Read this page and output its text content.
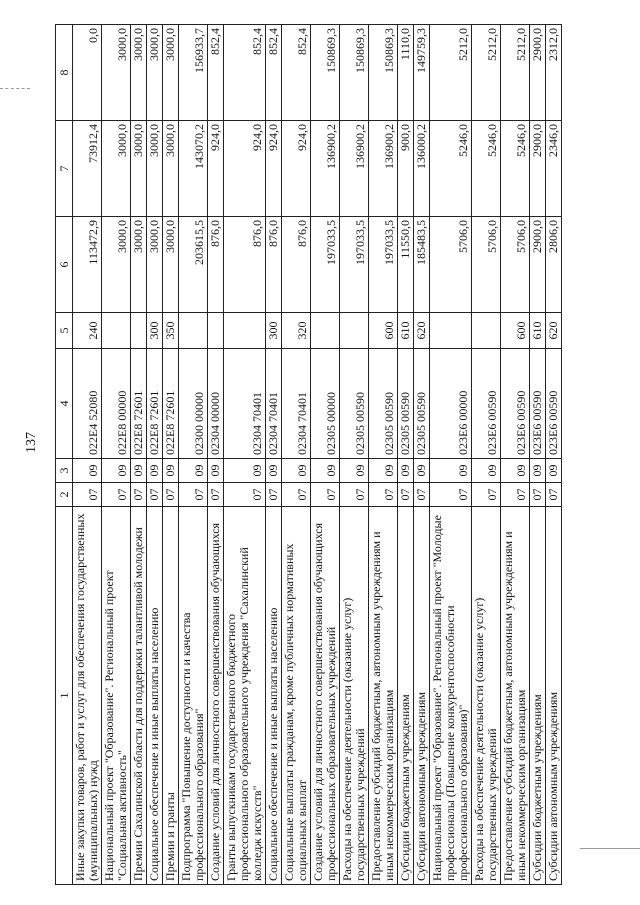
137
1	2	3	4	5	6	7	8
Иные закупки товаров, работ и услуг для обеспечения государственных (муниципальных) нужд	07	09	022E4 52080	240	113472,9	73912,4	0,0
Национальный проект "Образование". Региональный проект "Социальная активность"	07	09	022E8 00000		3000,0	3000,0	3000,0
Премии Сахалинской области для поддержки талантливой молодежи	07	09	022E8 72601		3000,0	3000,0	3000,0
Социальное обеспечение и иные выплаты населению	07	09	022E8 72601	300	3000,0	3000,0	3000,0
Премии и гранты	07	09	022E8 72601	350	3000,0	3000,0	3000,0
Подпрограмма "Повышение доступности и качества профессионального образования"	07	09	02300 00000		203615,5	143070,2	156933,7
Создание условий для личностного совершенствования обучающихся	07	09	02304 00000		876,0	924,0	852,4
Гранты выпускникам государственного бюджетного профессионального образовательного учреждения "Сахалинский колледж искусств"	07	09	02304 70401		876,0	924,0	852,4
Социальное обеспечение и иные выплаты населению	07	09	02304 70401	300	876,0	924,0	852,4
Социальные выплаты гражданам, кроме публичных нормативных социальных выплат	07	09	02304 70401	320	876,0	924,0	852,4
Создание условий для личностного совершенствования обучающихся профессиональных образовательных учреждений	07	09	02305 00000		197033,5	136900,2	150869,3
Расходы на обеспечение деятельности (оказание услуг) государственных учреждений	07	09	02305 00590		197033,5	136900,2	150869,3
Предоставление субсидий бюджетным, автономным учреждениям и иным некоммерческим организациям	07	09	02305 00590	600	197033,5	136900,2	150869,3
Субсидии бюджетным учреждениям	07	09	02305 00590	610	11550,0	900,0	1110,0
Субсидии автономным учреждениям	07	09	02305 00590	620	185483,5	136000,2	149759,3
Национальный проект "Образование". Региональный проект "Молодые профессионалы (Повышение конкурентоспособности профессионального образования)"	07	09	023E6 00000		5706,0	5246,0	5212,0
Расходы на обеспечение деятельности (оказание услуг) государственных учреждений	07	09	023E6 00590		5706,0	5246,0	5212,0
Предоставление субсидий бюджетным, автономным учреждениям и иным некоммерческим организациям	07	09	023E6 00590	600	5706,0	5246,0	5212,0
Субсидии бюджетным учреждениям	07	09	023E6 00590	610	2900,0	2900,0	2900,0
Субсидии автономным учреждениям	07	09	023E6 00590	620	2806,0	2346,0	2312,0
